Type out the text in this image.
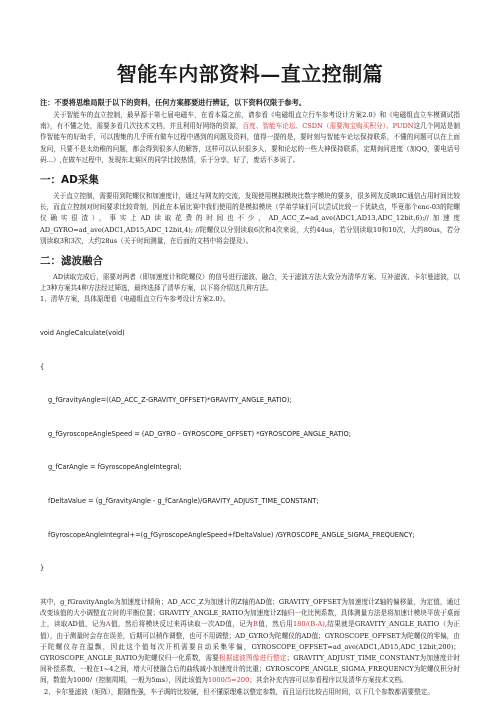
智能车内部资料—直立控制篇

注：不要将思维局限于以下的资料，任何方案都要进行辨证，以下资料仅限于参考。

关于智能车的直立控制，最早源于第七届电磁车，在看本篇之前，请参看《电磁组直立行车参考设计方案2.0》和《电磁组直立车模调试指南》，有不懂之处，需要多看几次技术文档，并且利用好网络的资源，百度、智能车论坛、CSDN（需要淘宝购买积分）、PUDN这几个网站是制作智能车的好助手，可以搜集的几乎所有做车过程中遇到的问题及资料，值得一提的是，要时刻与智能车论坛保持联系，不懂的问题可以在上面发问，只要不是太幼稚的问题，都会得到很多人的解答，这样可以认识很多人，要和论坛的一些大神保持联系，定期询问进度（加QQ，要电话号码…）,在做车过程中，发现东北赛区的同学比较热情，乐于分享，好了，废话不多说了。

一：AD采集

关于直立控制，需要用到陀螺仪和加速度计，通过与网友的交流，发现使用模拟模块比数字模块的要多，很多网友反映IIC通信占用时间比较长，而直立控制对时间要求比较苛刻，因此在本届比赛中我们使用的是模拟模块（学弟学妹们可以尝试比较一下优缺点，毕竟那个enc-03的陀螺仪确实很渣），事实上AD读取花费的时间也不少，AD_ACC_Z=ad_ave(ADC1,AD13,ADC_12bit,6);//加速度AD_GYRO=ad_ave(ADC1,AD15,ADC_12bit,4); //陀螺仪以分别读取6次和4次来说，大约44us，若分别读取10和10次，大约80us，若分别读取3和3次，大约28us（关于时间测量，在后面的文档中将会提及）。

二：滤波融合

AD读取完成后，需要对两者（即加速度计和陀螺仪）的信号进行滤波、融合，关于滤波方法大致分为清华方案、互补滤波、卡尔曼滤波，以上3种方案共4种方法经过筛选，最终选择了清华方案，以下将介绍这几种方法。

1、清华方案，具体原理看《电磁组直立行车参考设计方案2.0》。

void AngleCalculate(void)

{

g_fGravityAngle=((AD_ACC_Z-GRAVITY_OFFSET)*GRAVITY_ANGLE_RATIO);

g_fGyroscopeAngleSpeed = (AD_GYRO - GYROSCOPE_OFFSET) *GYROSCOPE_ANGLE_RATIO;

g_fCarAngle = fGyroscopeAngleIntegral;

fDeltaValue = (g_fGravityAngle - g_fCarAngle)/GRAVITY_ADJUST_TIME_CONSTANT;

fGyroscopeAngleIntegral+=(g_fGyroscopeAngleSpeed+fDeltaValue) /GYROSCOPE_ANGLE_SIGMA_FREQUENCY;

}

其中，g_fGravityAngle为加速度计倾角；AD_ACC_Z为加速计的Z轴的AD值；GRAVITY_OFFSET为加速度计Z轴的偏移量，为定值，通过改变该值的大小调整直立时的平衡位置；GRAVITY_ANGLE_RATIO为加速度计Z轴归一化比例系数，具体测量方法是将加速计模块平放于桌面上，读取AD值，记为A值，然后将模块反过来再读取一次AD值，记为B值，然后用180/(B-A),结果就是GRAVITY_ANGLE_RATIO（为正值），由于测量时会存在误差，后期可以稍作调整，也可不用调整；AD_GYRO为陀螺仪的AD值；GYROSCOPE_OFFSET为陀螺仪的零偏，由于陀螺仪存在温飘，因此这个值每次开机需要自动采集零偏，GYROSCOPE_OFFSET=ad_ave(ADC1,AD15,ADC_12bit,200)；GYROSCOPE_ANGLE_RATIO为陀螺仪归一化系数，需要根据滤波图像进行整定；GRAVITY_ADJUST_TIME_CONSTANT为加速度计时间补偿系数，一般在1~4之间，增大可使融合后的曲线减小加速度计的比重；GYROSCOPE_ANGLE_SIGMA_FREQUENCY为陀螺仪积分时间，数值为1000/（控制周期，一般为5ms），因此该值为1000/5=200；其余补充内容可以参看程序以及清华方案技术文档。

2、卡尔曼滤波（矩阵），跟随性强，车子调的比较硬，但不懂原理难以整定参数，而且运行比较占用时间，以下几个参数都需要整定。
